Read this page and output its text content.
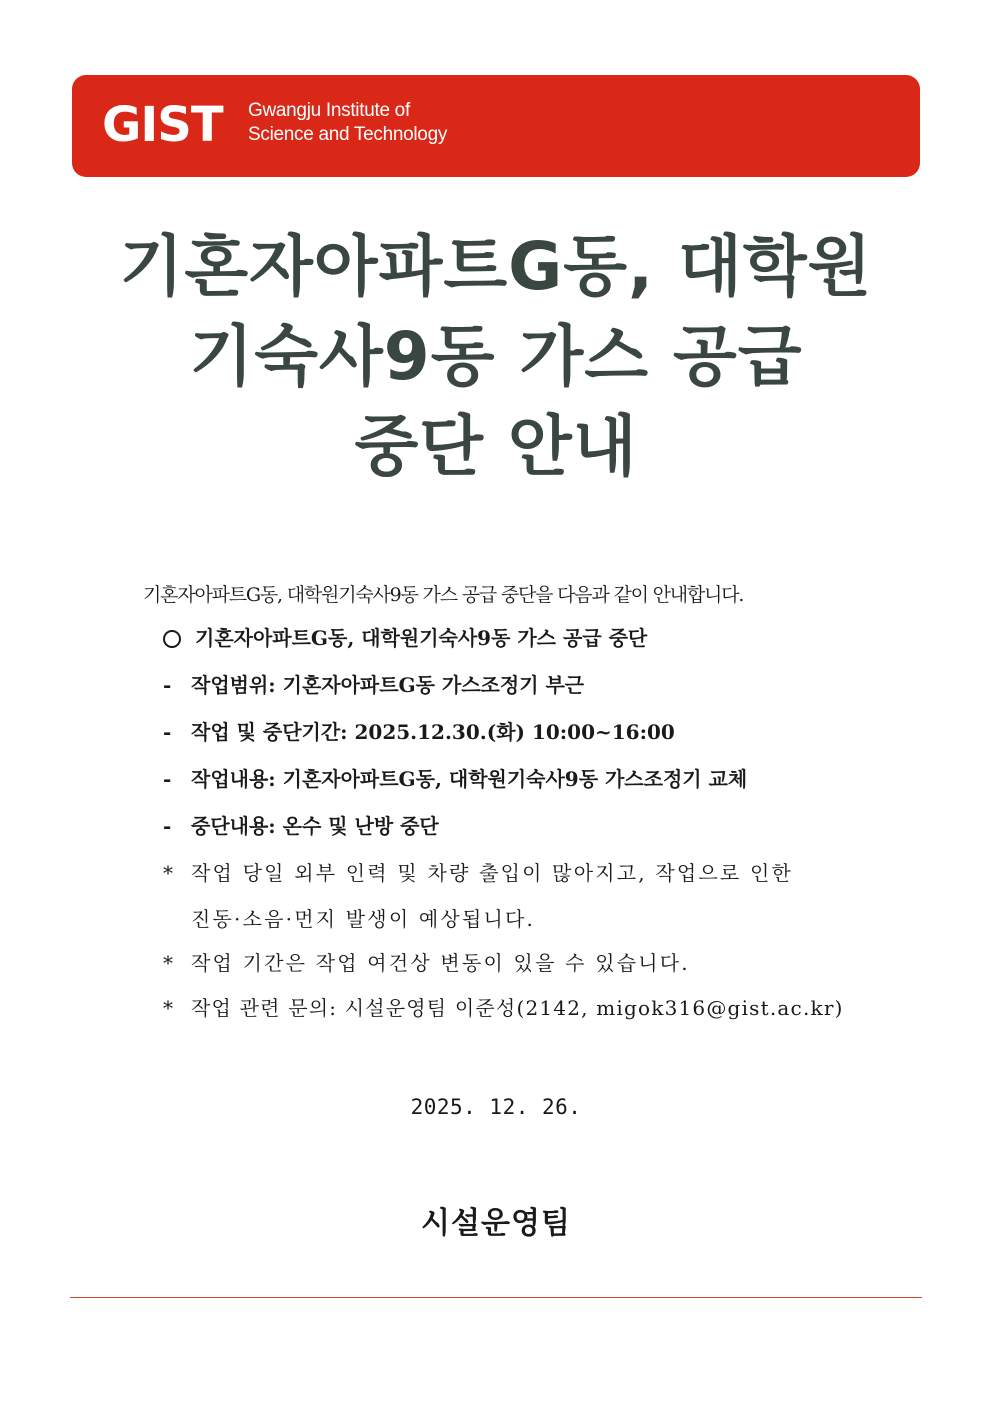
GIST Gwangju Institute of
Science and Technology
기혼자아파트G동, 대학원
기숙사9동 가스 공급
중단 안내
기혼자아파트G동, 대학원기숙사9동 가스 공급 중단을 다음과 같이 안내합니다.
기혼자아파트G동, 대학원기숙사9동 가스 공급 중단
- 작업범위: 기혼자아파트G동 가스조정기 부근
- 작업 및 중단기간: 2025.12.30.(화) 10:00~16:00
- 작업내용: 기혼자아파트G동, 대학원기숙사9동 가스조정기 교체
- 중단내용: 온수 및 난방 중단
* 작업 당일 외부 인력 및 차량 출입이 많아지고, 작업으로 인한
진동·소음·먼지 발생이 예상됩니다.
* 작업 기간은 작업 여건상 변동이 있을 수 있습니다.
* 작업 관련 문의: 시설운영팀 이준성(2142, migok316@gist.ac.kr)
2025. 12. 26.
시설운영팀
